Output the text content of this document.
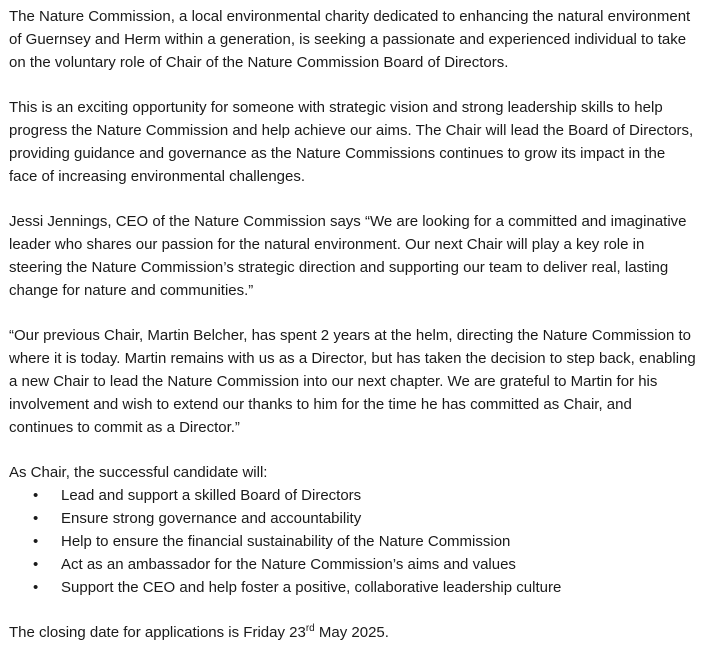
The Nature Commission, a local environmental charity dedicated to enhancing the natural environment of Guernsey and Herm within a generation, is seeking a passionate and experienced individual to take on the voluntary role of Chair of the Nature Commission Board of Directors.

This is an exciting opportunity for someone with strategic vision and strong leadership skills to help progress the Nature Commission and help achieve our aims. The Chair will lead the Board of Directors, providing guidance and governance as the Nature Commissions continues to grow its impact in the face of increasing environmental challenges.

Jessi Jennings, CEO of the Nature Commission says “We are looking for a committed and imaginative leader who shares our passion for the natural environment. Our next Chair will play a key role in steering the Nature Commission’s strategic direction and supporting our team to deliver real, lasting change for nature and communities.”

“Our previous Chair, Martin Belcher, has spent 2 years at the helm, directing the Nature Commission to where it is today. Martin remains with us as a Director, but has taken the decision to step back, enabling a new Chair to lead the Nature Commission into our next chapter. We are grateful to Martin for his involvement and wish to extend our thanks to him for the time he has committed as Chair, and continues to commit as a Director.”

As Chair, the successful candidate will:

• Lead and support a skilled Board of Directors
• Ensure strong governance and accountability
• Help to ensure the financial sustainability of the Nature Commission
• Act as an ambassador for the Nature Commission’s aims and values
• Support the CEO and help foster a positive, collaborative leadership culture

The closing date for applications is Friday 23rd May 2025.
